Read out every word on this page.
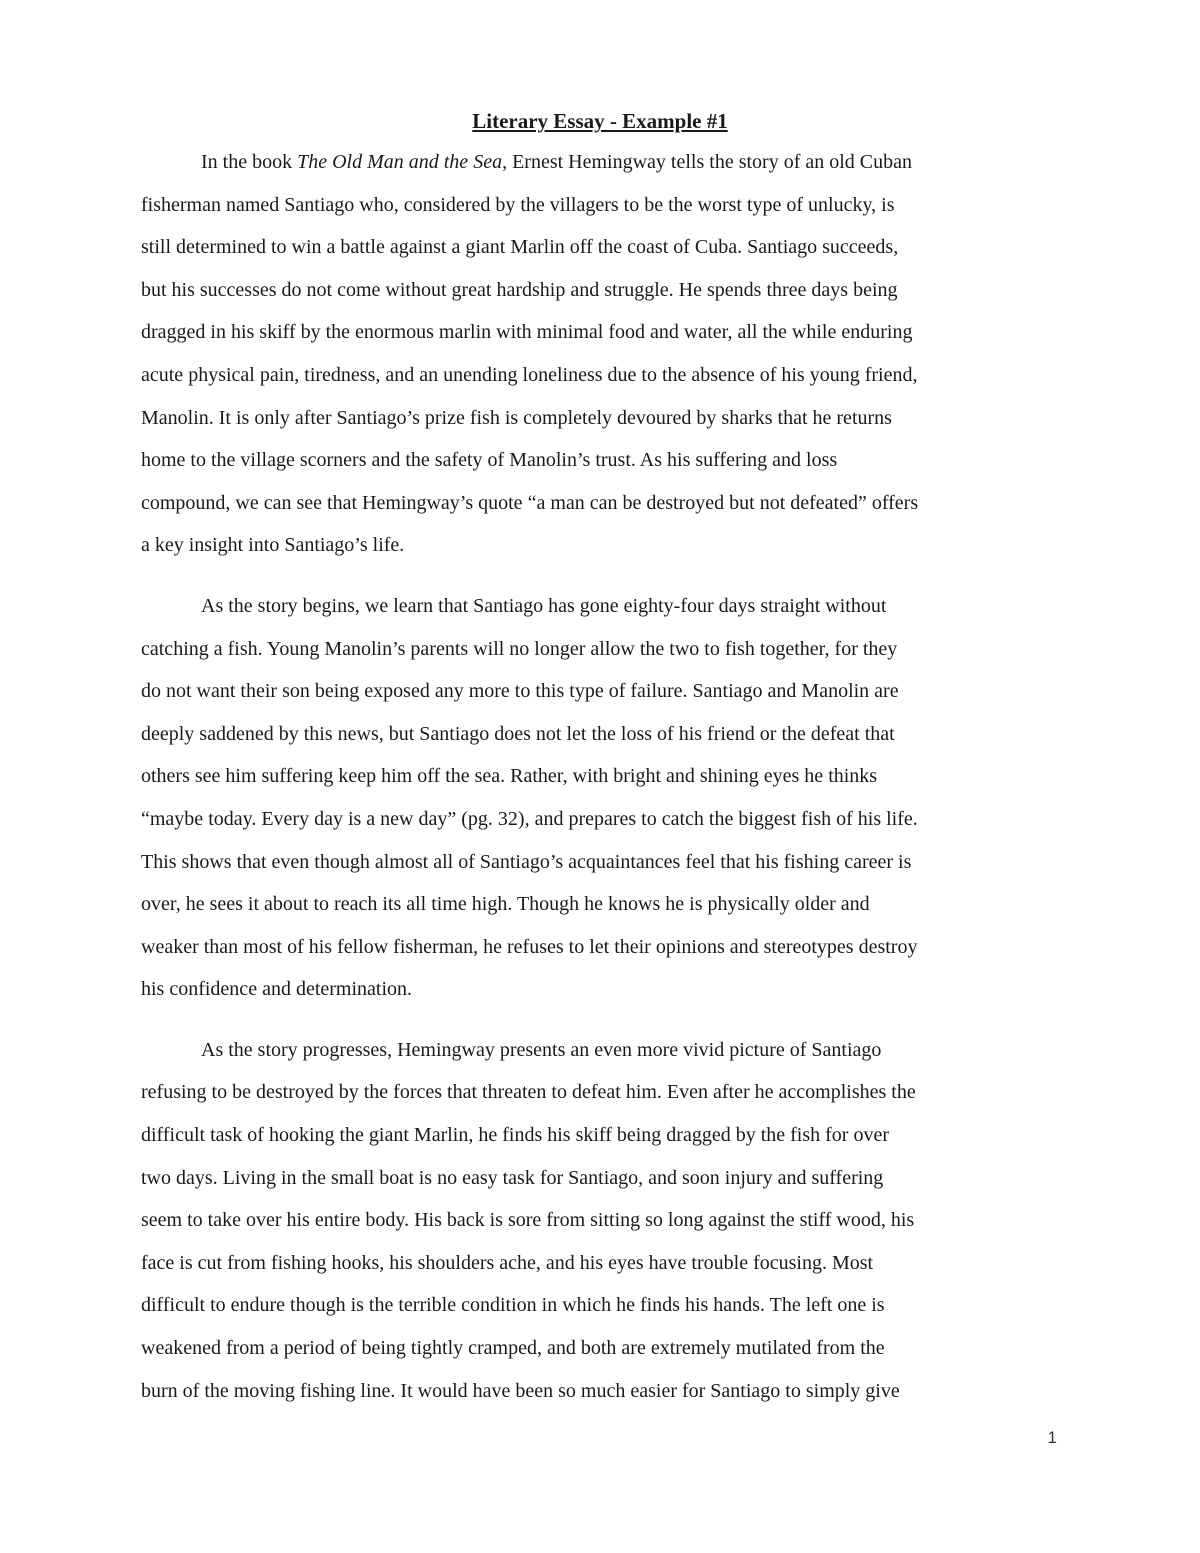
Literary Essay - Example #1
In the book The Old Man and the Sea, Ernest Hemingway tells the story of an old Cuban
fisherman named Santiago who, considered by the villagers to be the worst type of unlucky, is
still determined to win a battle against a giant Marlin off the coast of Cuba. Santiago succeeds,
but his successes do not come without great hardship and struggle. He spends three days being
dragged in his skiff by the enormous marlin with minimal food and water, all the while enduring
acute physical pain, tiredness, and an unending loneliness due to the absence of his young friend,
Manolin. It is only after Santiago’s prize fish is completely devoured by sharks that he returns
home to the village scorners and the safety of Manolin’s trust. As his suffering and loss
compound, we can see that Hemingway’s quote “a man can be destroyed but not defeated” offers
a key insight into Santiago’s life.
As the story begins, we learn that Santiago has gone eighty-four days straight without
catching a fish. Young Manolin’s parents will no longer allow the two to fish together, for they
do not want their son being exposed any more to this type of failure. Santiago and Manolin are
deeply saddened by this news, but Santiago does not let the loss of his friend or the defeat that
others see him suffering keep him off the sea. Rather, with bright and shining eyes he thinks
“maybe today. Every day is a new day” (pg. 32), and prepares to catch the biggest fish of his life.
This shows that even though almost all of Santiago’s acquaintances feel that his fishing career is
over, he sees it about to reach its all time high. Though he knows he is physically older and
weaker than most of his fellow fisherman, he refuses to let their opinions and stereotypes destroy
his confidence and determination.
As the story progresses, Hemingway presents an even more vivid picture of Santiago
refusing to be destroyed by the forces that threaten to defeat him. Even after he accomplishes the
difficult task of hooking the giant Marlin, he finds his skiff being dragged by the fish for over
two days. Living in the small boat is no easy task for Santiago, and soon injury and suffering
seem to take over his entire body. His back is sore from sitting so long against the stiff wood, his
face is cut from fishing hooks, his shoulders ache, and his eyes have trouble focusing. Most
difficult to endure though is the terrible condition in which he finds his hands. The left one is
weakened from a period of being tightly cramped, and both are extremely mutilated from the
burn of the moving fishing line. It would have been so much easier for Santiago to simply give
1
